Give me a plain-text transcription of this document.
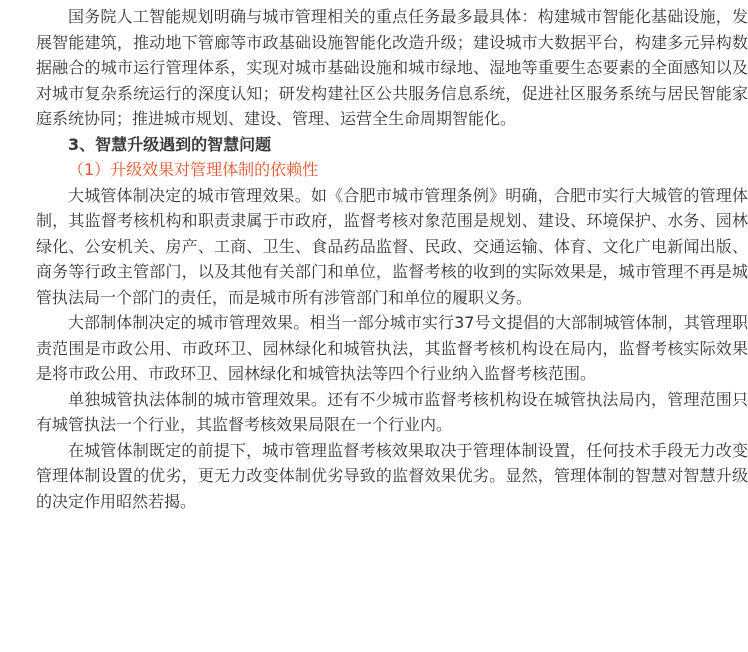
国务院人工智能规划明确与城市管理相关的重点任务最多最具体：构建城市智能化基础设施，发展智能建筑，推动地下管廊等市政基础设施智能化改造升级；建设城市大数据平台，构建多元异构数据融合的城市运行管理体系，实现对城市基础设施和城市绿地、湿地等重要生态要素的全面感知以及对城市复杂系统运行的深度认知；研发构建社区公共服务信息系统，促进社区服务系统与居民智能家庭系统协同；推进城市规划、建设、管理、运营全生命周期智能化。

3、智慧升级遇到的智慧问题

（1）升级效果对管理体制的依赖性

大城管体制决定的城市管理效果。如《合肥市城市管理条例》明确，合肥市实行大城管的管理体制，其监督考核机构和职责隶属于市政府，监督考核对象范围是规划、建设、环境保护、水务、园林绿化、公安机关、房产、工商、卫生、食品药品监督、民政、交通运输、体育、文化广电新闻出版、商务等行政主管部门，以及其他有关部门和单位，监督考核的收到的实际效果是，城市管理不再是城管执法局一个部门的责任，而是城市所有涉管部门和单位的履职义务。

大部制体制决定的城市管理效果。相当一部分城市实行37号文提倡的大部制城管体制，其管理职责范围是市政公用、市政环卫、园林绿化和城管执法，其监督考核机构设在局内，监督考核实际效果是将市政公用、市政环卫、园林绿化和城管执法等四个行业纳入监督考核范围。

单独城管执法体制的城市管理效果。还有不少城市监督考核机构设在城管执法局内，管理范围只有城管执法一个行业，其监督考核效果局限在一个行业内。

在城管体制既定的前提下，城市管理监督考核效果取决于管理体制设置，任何技术手段无力改变管理体制设置的优劣，更无力改变体制优劣导致的监督效果优劣。显然，管理体制的智慧对智慧升级的决定作用昭然若揭。
